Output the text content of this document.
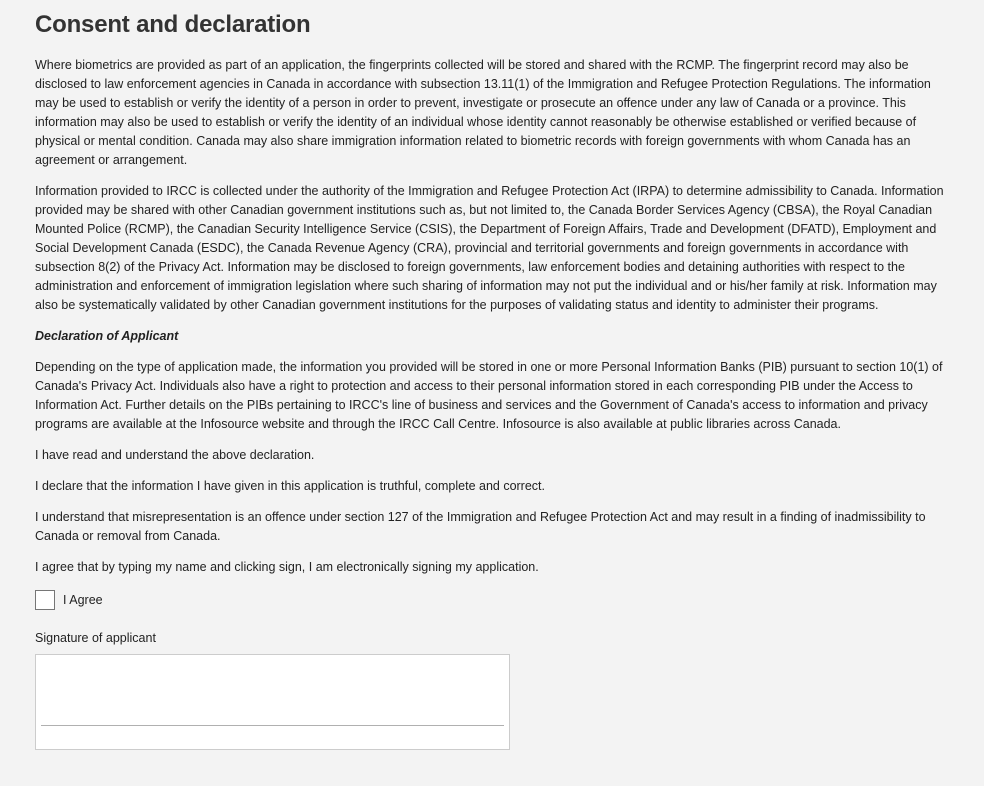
Consent and declaration

Where biometrics are provided as part of an application, the fingerprints collected will be stored and shared with the RCMP. The fingerprint record may also be disclosed to law enforcement agencies in Canada in accordance with subsection 13.11(1) of the Immigration and Refugee Protection Regulations. The information may be used to establish or verify the identity of a person in order to prevent, investigate or prosecute an offence under any law of Canada or a province. This information may also be used to establish or verify the identity of an individual whose identity cannot reasonably be otherwise established or verified because of physical or mental condition. Canada may also share immigration information related to biometric records with foreign governments with whom Canada has an agreement or arrangement.

Information provided to IRCC is collected under the authority of the Immigration and Refugee Protection Act (IRPA) to determine admissibility to Canada. Information provided may be shared with other Canadian government institutions such as, but not limited to, the Canada Border Services Agency (CBSA), the Royal Canadian Mounted Police (RCMP), the Canadian Security Intelligence Service (CSIS), the Department of Foreign Affairs, Trade and Development (DFATD), Employment and Social Development Canada (ESDC), the Canada Revenue Agency (CRA), provincial and territorial governments and foreign governments in accordance with subsection 8(2) of the Privacy Act. Information may be disclosed to foreign governments, law enforcement bodies and detaining authorities with respect to the administration and enforcement of immigration legislation where such sharing of information may not put the individual and or his/her family at risk. Information may also be systematically validated by other Canadian government institutions for the purposes of validating status and identity to administer their programs.

Declaration of Applicant

Depending on the type of application made, the information you provided will be stored in one or more Personal Information Banks (PIB) pursuant to section 10(1) of Canada's Privacy Act. Individuals also have a right to protection and access to their personal information stored in each corresponding PIB under the Access to Information Act. Further details on the PIBs pertaining to IRCC's line of business and services and the Government of Canada's access to information and privacy programs are available at the Infosource website and through the IRCC Call Centre. Infosource is also available at public libraries across Canada.

I have read and understand the above declaration.

I declare that the information I have given in this application is truthful, complete and correct.

I understand that misrepresentation is an offence under section 127 of the Immigration and Refugee Protection Act and may result in a finding of inadmissibility to Canada or removal from Canada.

I agree that by typing my name and clicking sign, I am electronically signing my application.

I Agree
Signature of applicant
